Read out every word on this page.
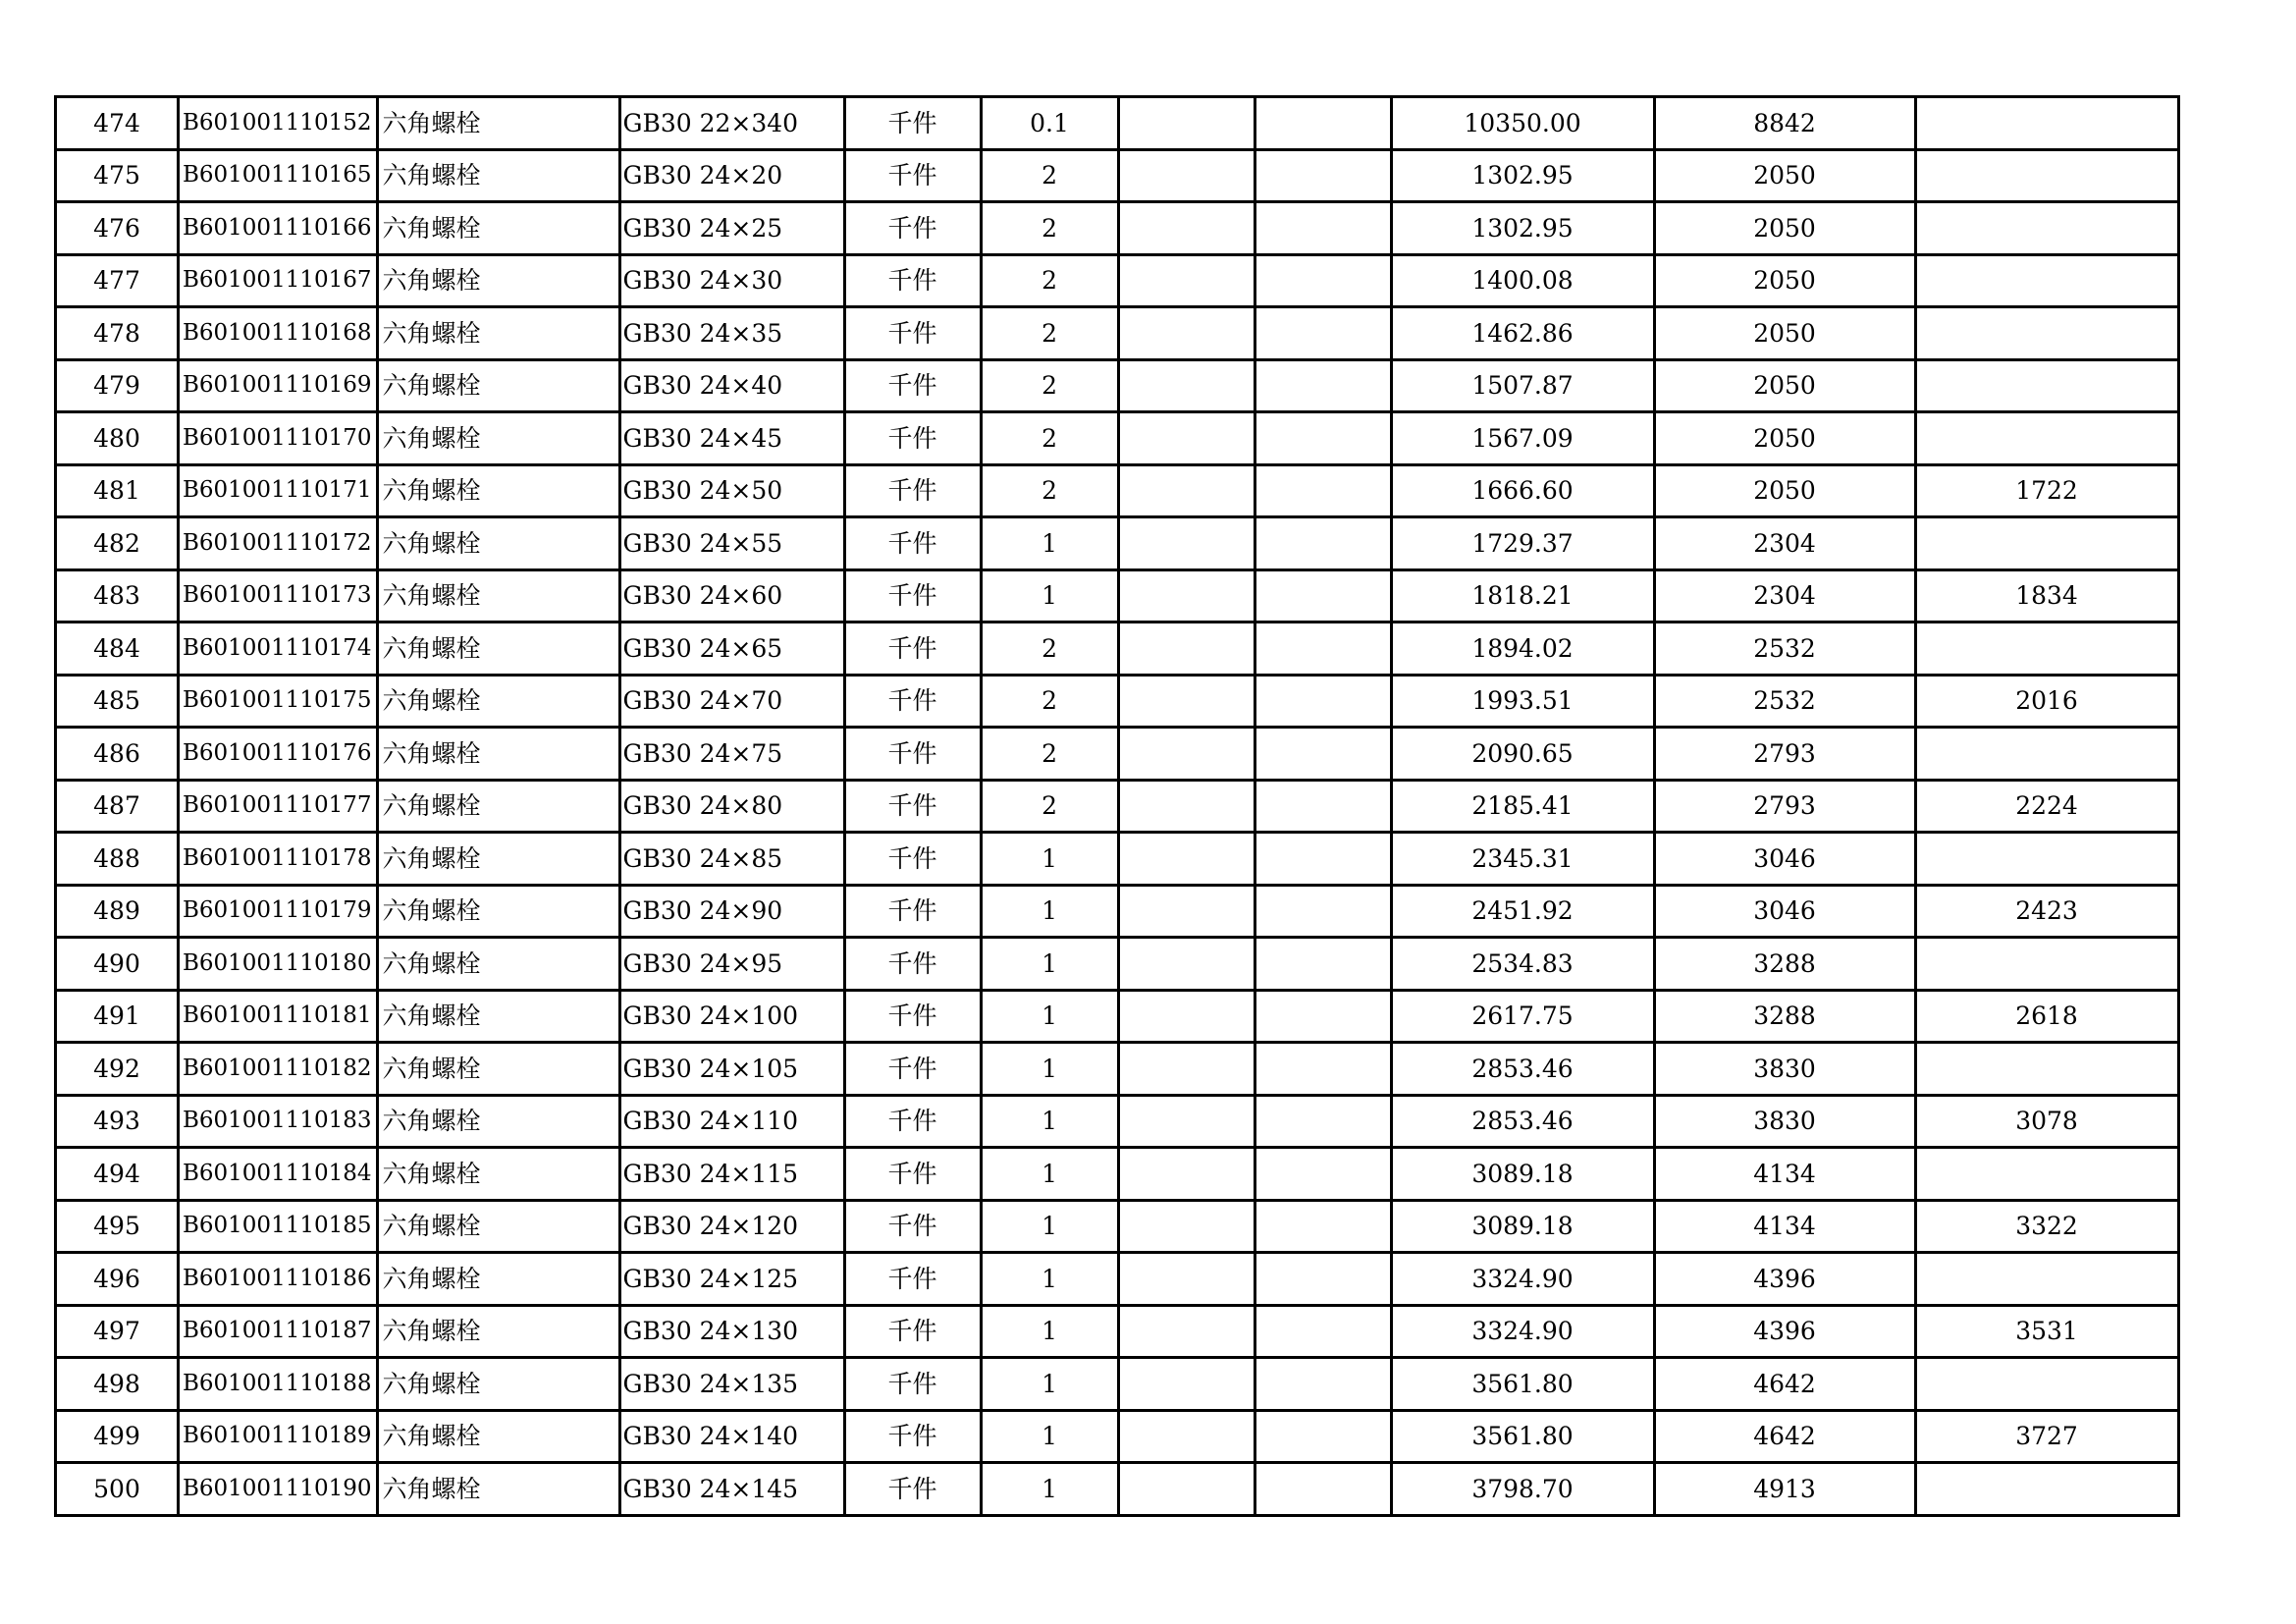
474	B601001110152	六角螺栓	GB30 22×340	千件	0.1			10350.00	8842	
475	B601001110165	六角螺栓	GB30 24×20	千件	2			1302.95	2050	
476	B601001110166	六角螺栓	GB30 24×25	千件	2			1302.95	2050	
477	B601001110167	六角螺栓	GB30 24×30	千件	2			1400.08	2050	
478	B601001110168	六角螺栓	GB30 24×35	千件	2			1462.86	2050	
479	B601001110169	六角螺栓	GB30 24×40	千件	2			1507.87	2050	
480	B601001110170	六角螺栓	GB30 24×45	千件	2			1567.09	2050	
481	B601001110171	六角螺栓	GB30 24×50	千件	2			1666.60	2050	1722
482	B601001110172	六角螺栓	GB30 24×55	千件	1			1729.37	2304	
483	B601001110173	六角螺栓	GB30 24×60	千件	1			1818.21	2304	1834
484	B601001110174	六角螺栓	GB30 24×65	千件	2			1894.02	2532	
485	B601001110175	六角螺栓	GB30 24×70	千件	2			1993.51	2532	2016
486	B601001110176	六角螺栓	GB30 24×75	千件	2			2090.65	2793	
487	B601001110177	六角螺栓	GB30 24×80	千件	2			2185.41	2793	2224
488	B601001110178	六角螺栓	GB30 24×85	千件	1			2345.31	3046	
489	B601001110179	六角螺栓	GB30 24×90	千件	1			2451.92	3046	2423
490	B601001110180	六角螺栓	GB30 24×95	千件	1			2534.83	3288	
491	B601001110181	六角螺栓	GB30 24×100	千件	1			2617.75	3288	2618
492	B601001110182	六角螺栓	GB30 24×105	千件	1			2853.46	3830	
493	B601001110183	六角螺栓	GB30 24×110	千件	1			2853.46	3830	3078
494	B601001110184	六角螺栓	GB30 24×115	千件	1			3089.18	4134	
495	B601001110185	六角螺栓	GB30 24×120	千件	1			3089.18	4134	3322
496	B601001110186	六角螺栓	GB30 24×125	千件	1			3324.90	4396	
497	B601001110187	六角螺栓	GB30 24×130	千件	1			3324.90	4396	3531
498	B601001110188	六角螺栓	GB30 24×135	千件	1			3561.80	4642	
499	B601001110189	六角螺栓	GB30 24×140	千件	1			3561.80	4642	3727
500	B601001110190	六角螺栓	GB30 24×145	千件	1			3798.70	4913	
